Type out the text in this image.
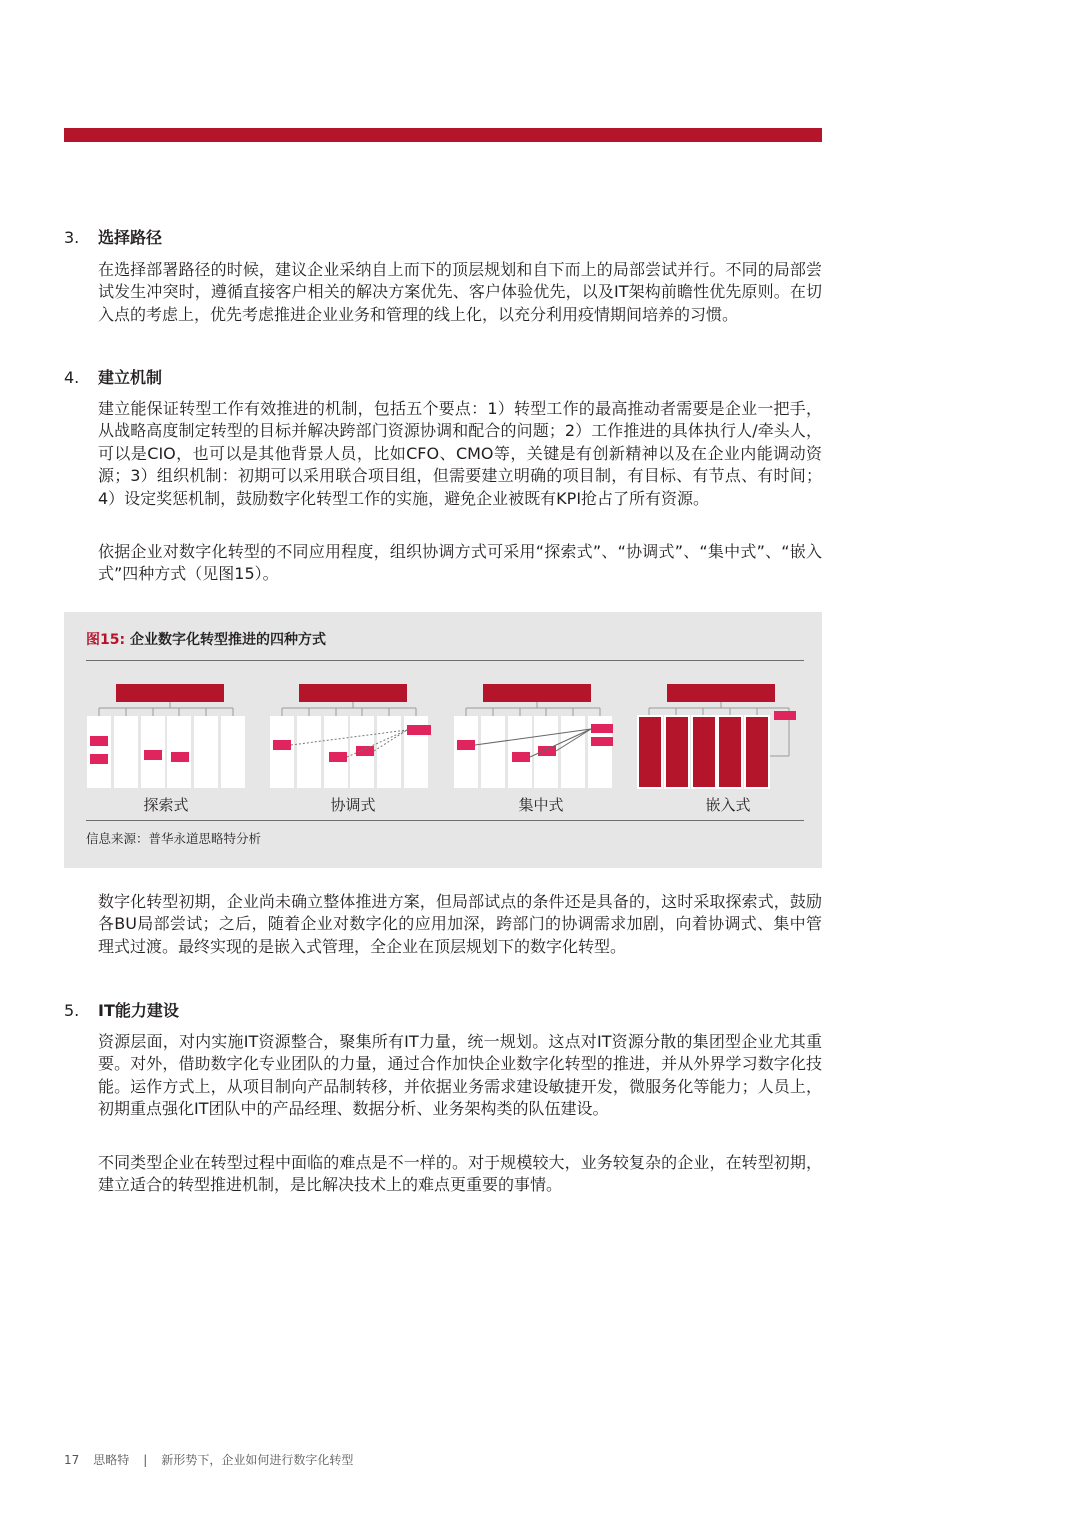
3. 选择路径

在选择部署路径的时候，建议企业采纳自上而下的顶层规划和自下而上的局部尝试并行。不同的局部尝试发生冲突时，遵循直接客户相关的解决方案优先、客户体验优先，以及IT架构前瞻性优先原则。在切入点的考虑上，优先考虑推进企业业务和管理的线上化，以充分利用疫情期间培养的习惯。

4. 建立机制

建立能保证转型工作有效推进的机制，包括五个要点：1）转型工作的最高推动者需要是企业一把手，从战略高度制定转型的目标并解决跨部门资源协调和配合的问题；2）工作推进的具体执行人/牵头人，可以是CIO，也可以是其他背景人员，比如CFO、CMO等，关键是有创新精神以及在企业内能调动资源；3）组织机制：初期可以采用联合项目组，但需要建立明确的项目制，有目标、有节点、有时间；4）设定奖惩机制，鼓励数字化转型工作的实施，避免企业被既有KPI抢占了所有资源。

依据企业对数字化转型的不同应用程度，组织协调方式可采用“探索式”、“协调式”、“集中式”、“嵌入式”四种方式（见图15）。

图15: 企业数字化转型推进的四种方式
探索式	协调式	集中式	嵌入式
信息来源：普华永道思略特分析

数字化转型初期，企业尚未确立整体推进方案，但局部试点的条件还是具备的，这时采取探索式，鼓励各BU局部尝试；之后，随着企业对数字化的应用加深，跨部门的协调需求加剧，向着协调式、集中管理式过渡。最终实现的是嵌入式管理，全企业在顶层规划下的数字化转型。

5. IT能力建设

资源层面，对内实施IT资源整合，聚集所有IT力量，统一规划。这点对IT资源分散的集团型企业尤其重要。对外，借助数字化专业团队的力量，通过合作加快企业数字化转型的推进，并从外界学习数字化技能。运作方式上，从项目制向产品制转移，并依据业务需求建设敏捷开发，微服务化等能力；人员上，初期重点强化IT团队中的产品经理、数据分析、业务架构类的队伍建设。

不同类型企业在转型过程中面临的难点是不一样的。对于规模较大，业务较复杂的企业，在转型初期，建立适合的转型推进机制，是比解决技术上的难点更重要的事情。

17 思略特 | 新形势下，企业如何进行数字化转型
